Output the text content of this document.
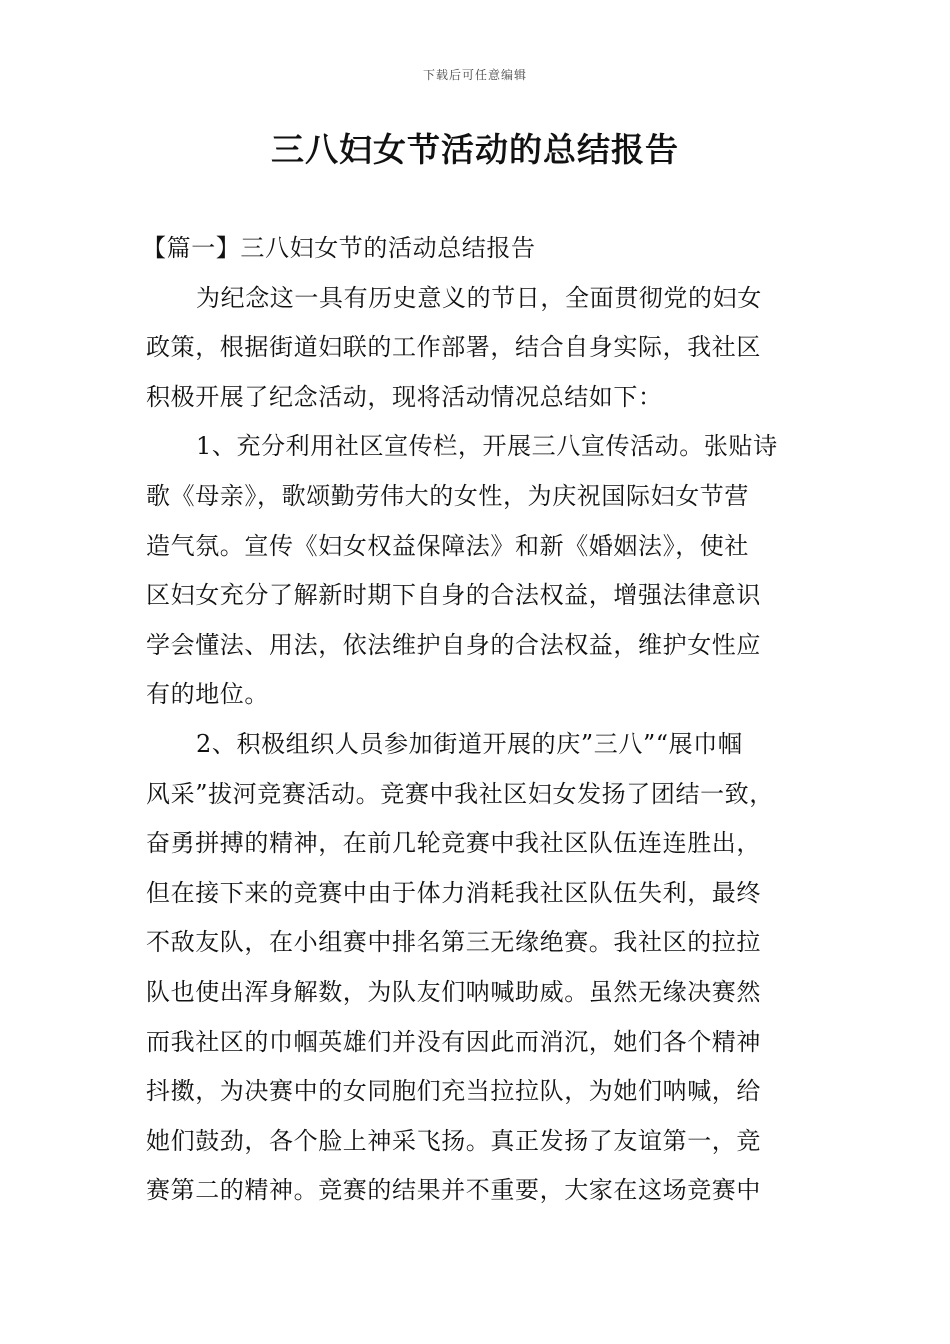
下载后可任意编辑
三八妇女节活动的总结报告
【篇一】三八妇女节的活动总结报告
为纪念这一具有历史意义的节日，全面贯彻党的妇女
政策，根据街道妇联的工作部署，结合自身实际，我社区
积极开展了纪念活动，现将活动情况总结如下：
1、充分利用社区宣传栏，开展三八宣传活动。张贴诗
歌《母亲》，歌颂勤劳伟大的女性，为庆祝国际妇女节营
造气氛。宣传《妇女权益保障法》和新《婚姻法》，使社
区妇女充分了解新时期下自身的合法权益，增强法律意识
学会懂法、用法，依法维护自身的合法权益，维护女性应
有的地位。
2、积极组织人员参加街道开展的庆”三八”“展巾帼
风采”拔河竞赛活动。竞赛中我社区妇女发扬了团结一致，
奋勇拼搏的精神，在前几轮竞赛中我社区队伍连连胜出，
但在接下来的竞赛中由于体力消耗我社区队伍失利，最终
不敌友队，在小组赛中排名第三无缘绝赛。我社区的拉拉
队也使出浑身解数，为队友们呐喊助威。虽然无缘决赛然
而我社区的巾帼英雄们并没有因此而消沉，她们各个精神
抖擞，为决赛中的女同胞们充当拉拉队，为她们呐喊，给
她们鼓劲，各个脸上神采飞扬。真正发扬了友谊第一，竞
赛第二的精神。竞赛的结果并不重要，大家在这场竞赛中
